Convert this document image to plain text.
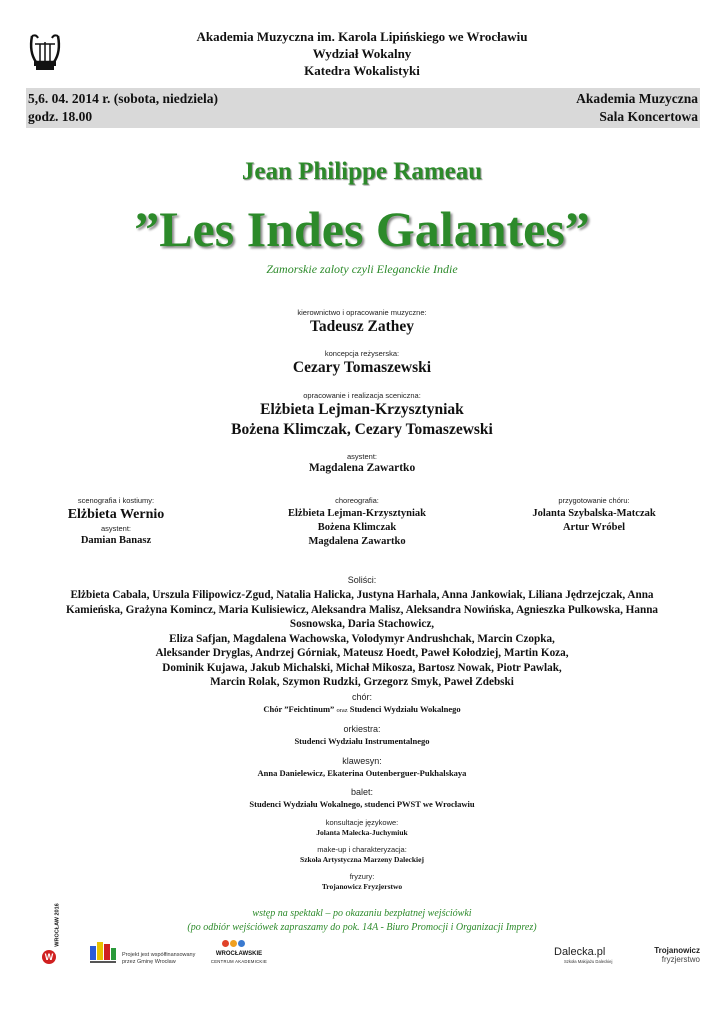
Akademia Muzyczna im. Karola Lipińskiego we Wrocławiu
Wydział Wokalny
Katedra Wokalistyki
5,6. 04. 2014 r. (sobota, niedziela)
godz. 18.00
Akademia Muzyczna
Sala Koncertowa
Jean Philippe Rameau
”Les Indes Galantes”
Zamorskie zaloty czyli Eleganckie Indie
kierownictwo i opracowanie muzyczne:
Tadeusz Zathey
koncepcja reżyserska:
Cezary Tomaszewski
opracowanie i realizacja sceniczna:
Elżbieta Lejman-Krzysztyniak
Bożena Klimczak, Cezary Tomaszewski
asystent:
Magdalena Zawartko
scenografia i kostiumy:
Elżbieta Wernio
asystent:
Damian Banasz
choreografia:
Elżbieta Lejman-Krzysztyniak
Bożena Klimczak
Magdalena Zawartko
przygotowanie chóru:
Jolanta Szybalska-Matczak
Artur Wróbel
Soliści:
Elżbieta Cabala, Urszula Filipowicz-Zgud, Natalia Halicka, Justyna Harhala, Anna Jankowiak, Liliana Jędrzejczak, Anna
Kamieńska, Grażyna Komincz, Maria Kulisiewicz, Aleksandra Malisz, Aleksandra Nowińska, Agnieszka Pulkowska, Hanna
Sosnowska, Daria Stachowicz,
Eliza Safjan, Magdalena Wachowska, Volodymyr Andrushchak, Marcin Czopka,
Aleksander Dryglas, Andrzej Górniak, Mateusz Hoedt, Paweł Kołodziej, Martin Koza,
Dominik Kujawa, Jakub Michalski, Michał Mikosza, Bartosz Nowak, Piotr Pawlak,
Marcin Rolak, Szymon Rudzki, Grzegorz Smyk, Paweł Zdebski
chór:
Chór ”Feichtinum” oraz Studenci Wydziału Wokalnego
orkiestra:
Studenci Wydziału Instrumentalnego
klawesyn:
Anna Danielewicz, Ekaterina Outenberguer-Pukhalskaya
balet:
Studenci Wydziału Wokalnego, studenci PWST we Wrocławiu
konsultacje językowe:
Jolanta Malecka-Juchymiuk
make-up i charakteryzacja:
Szkoła Artystyczna Marzeny Daleckiej
fryzury:
Trojanowicz Fryzjerstwo
wstęp na spektakl – po okazaniu bezpłatnej wejściówki
(po odbiór wejściówek zapraszamy do pok. 14A - Biuro Promocji i Organizacji Imprez)
WROCŁAW 2016
W	Projekt jest współfinansowany
przez Gminę Wrocław
WROCŁAWSKIE
CENTRUM AKADEMICKIE
Dalecka.pl
Szkoła Makijażu Daleckiej
Trojanowicz
fryzjerstwo
